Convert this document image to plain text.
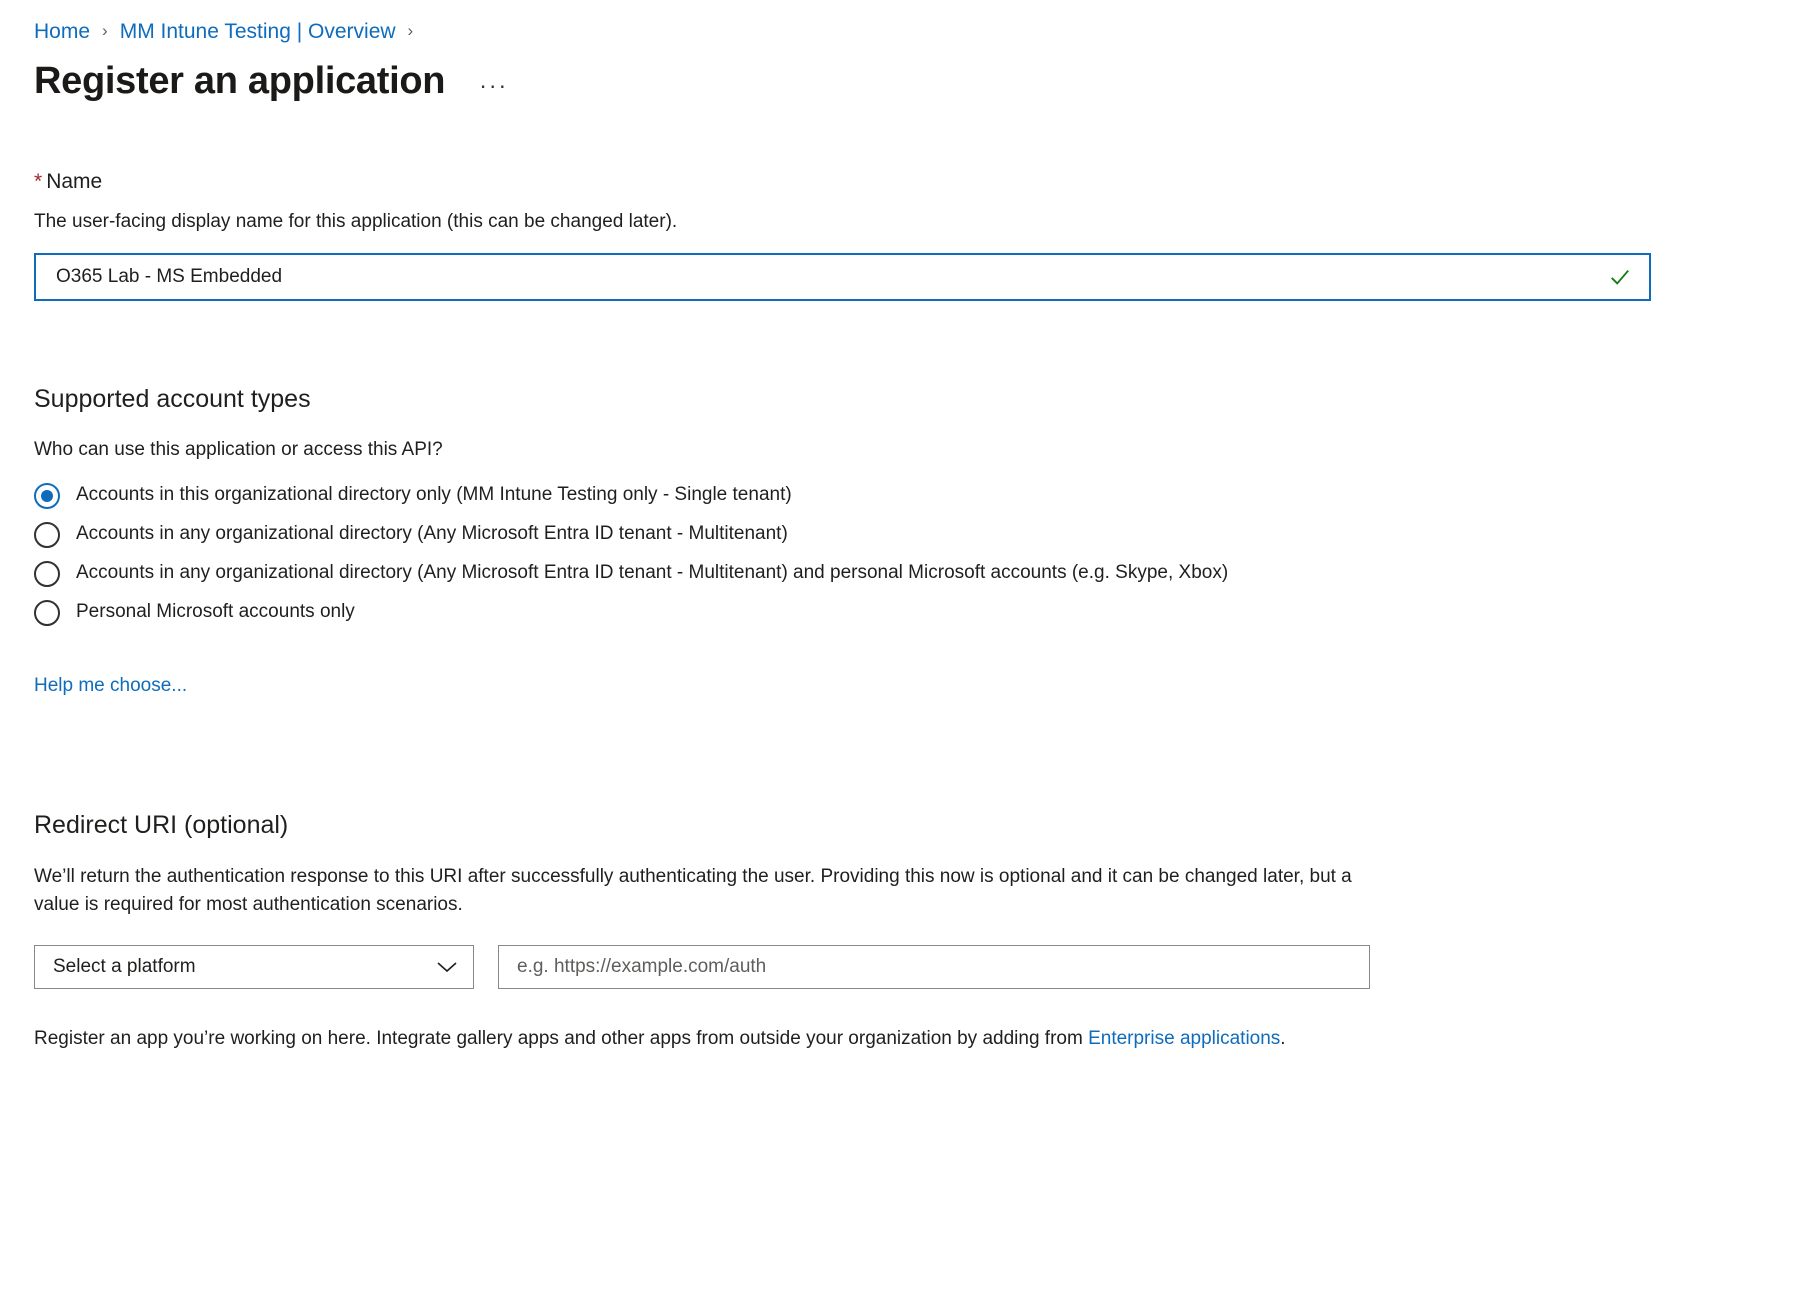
Home › MM Intune Testing | Overview ›
Register an application ···
* Name
The user-facing display name for this application (this can be changed later).
O365 Lab - MS Embedded
Supported account types
Who can use this application or access this API?
Accounts in this organizational directory only (MM Intune Testing only - Single tenant)
Accounts in any organizational directory (Any Microsoft Entra ID tenant - Multitenant)
Accounts in any organizational directory (Any Microsoft Entra ID tenant - Multitenant) and personal Microsoft accounts (e.g. Skype, Xbox)
Personal Microsoft accounts only
Help me choose...
Redirect URI (optional)
We’ll return the authentication response to this URI after successfully authenticating the user. Providing this now is optional and it can be changed later, but a value is required for most authentication scenarios.
Select a platform
e.g. https://example.com/auth
Register an app you’re working on here. Integrate gallery apps and other apps from outside your organization by adding from Enterprise applications.
